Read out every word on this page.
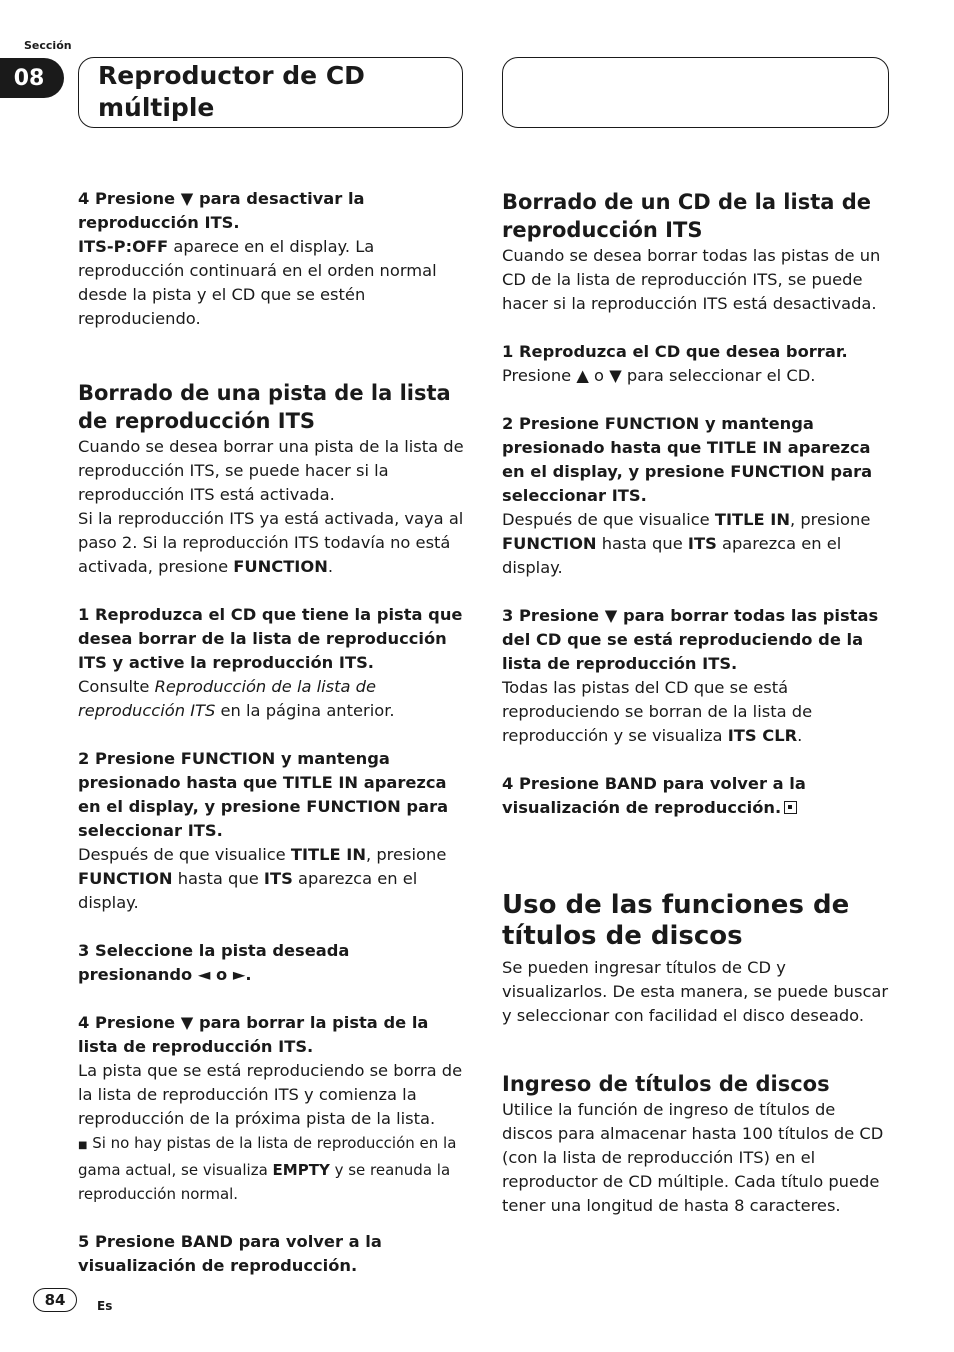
Sección
08	Reproductor de CD múltiple

4 Presione ▼ para desactivar la reproducción ITS.

ITS-P:OFF aparece en el display. La reproducción continuará en el orden normal desde la pista y el CD que se estén reproduciendo.

Borrado de una pista de la lista de reproducción ITS

Cuando se desea borrar una pista de la lista de reproducción ITS, se puede hacer si la reproducción ITS está activada.

Si la reproducción ITS ya está activada, vaya al paso 2. Si la reproducción ITS todavía no está activada, presione FUNCTION.

1 Reproduzca el CD que tiene la pista que desea borrar de la lista de reproducción ITS y active la reproducción ITS.

Consulte Reproducción de la lista de reproducción ITS en la página anterior.

2 Presione FUNCTION y mantenga presionado hasta que TITLE IN aparezca en el display, y presione FUNCTION para seleccionar ITS.

Después de que visualice TITLE IN, presione FUNCTION hasta que ITS aparezca en el display.

3 Seleccione la pista deseada presionando ◄ o ►.

4 Presione ▼ para borrar la pista de la lista de reproducción ITS.

La pista que se está reproduciendo se borra de la lista de reproducción ITS y comienza la reproducción de la próxima pista de la lista.

■ Si no hay pistas de la lista de reproducción en la gama actual, se visualiza EMPTY y se reanuda la reproducción normal.

5 Presione BAND para volver a la visualización de reproducción.

Borrado de un CD de la lista de reproducción ITS

Cuando se desea borrar todas las pistas de un CD de la lista de reproducción ITS, se puede hacer si la reproducción ITS está desactivada.

1 Reproduzca el CD que desea borrar.

Presione ▲ o ▼ para seleccionar el CD.

2 Presione FUNCTION y mantenga presionado hasta que TITLE IN aparezca en el display, y presione FUNCTION para seleccionar ITS.

Después de que visualice TITLE IN, presione FUNCTION hasta que ITS aparezca en el display.

3 Presione ▼ para borrar todas las pistas del CD que se está reproduciendo de la lista de reproducción ITS.

Todas las pistas del CD que se está reproduciendo se borran de la lista de reproducción y se visualiza ITS CLR.

4 Presione BAND para volver a la visualización de reproducción.

Uso de las funciones de títulos de discos

Se pueden ingresar títulos de CD y visualizarlos. De esta manera, se puede buscar y seleccionar con facilidad el disco deseado.

Ingreso de títulos de discos

Utilice la función de ingreso de títulos de discos para almacenar hasta 100 títulos de CD (con la lista de reproducción ITS) en el reproductor de CD múltiple. Cada título puede tener una longitud de hasta 8 caracteres.

84	Es
